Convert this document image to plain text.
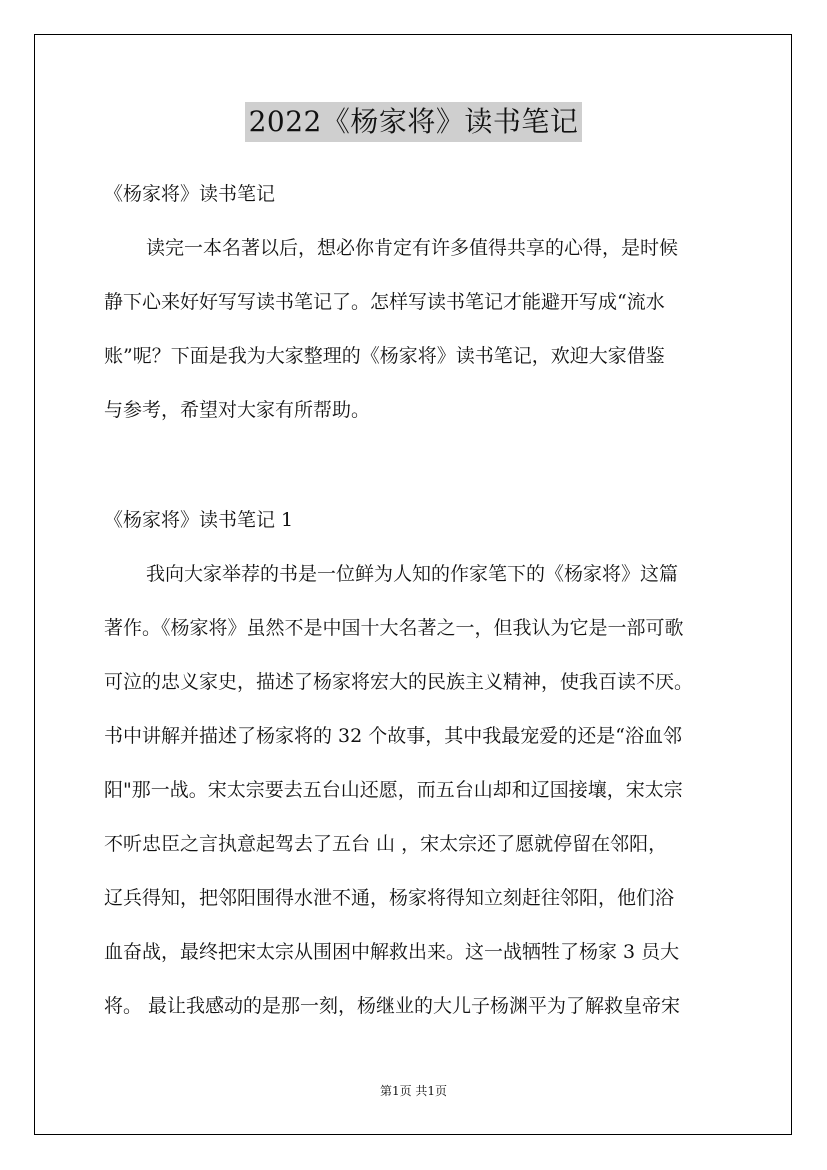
2022《杨家将》读书笔记
《杨家将》读书笔记
读完一本名著以后，想必你肯定有许多值得共享的心得，是时候
静下心来好好写写读书笔记了。怎样写读书笔记才能避开写成“流水
账”呢？下面是我为大家整理的《杨家将》读书笔记，欢迎大家借鉴
与参考，希望对大家有所帮助。
《杨家将》读书笔记 1
我向大家举荐的书是一位鲜为人知的作家笔下的《杨家将》这篇
著作。《杨家将》虽然不是中国十大名著之一，但我认为它是一部可歌
可泣的忠义家史，描述了杨家将宏大的民族主义精神，使我百读不厌。
书中讲解并描述了杨家将的 32 个故事，其中我最宠爱的还是“浴血邻
阳"那一战。宋太宗要去五台山还愿，而五台山却和辽国接壤，宋太宗
不听忠臣之言执意起驾去了五台 山 ，宋太宗还了愿就停留在邻阳，
辽兵得知，把邻阳围得水泄不通，杨家将得知立刻赶往邻阳，他们浴
血奋战，最终把宋太宗从围困中解救出来。这一战牺牲了杨家 3 员大
将。 最让我感动的是那一刻，杨继业的大儿子杨渊平为了解救皇帝宋
第1页 共1页
